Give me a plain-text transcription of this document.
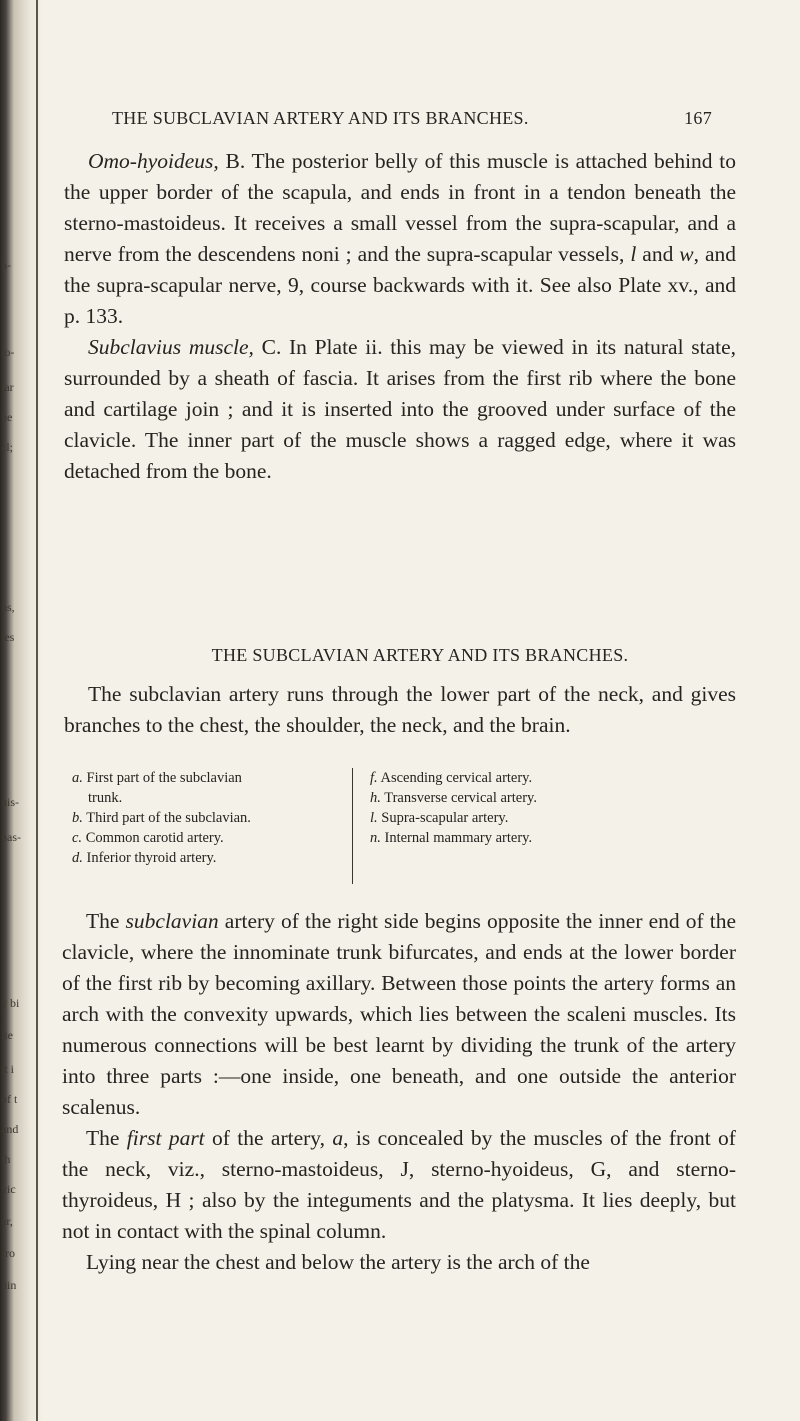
n-
io-
lar
he
cl;
ns,
les
nis-
nas-
y bi
lie
it i
of t
and
th
vic
ar,
fro
nin
THE SUBCLAVIAN ARTERY AND ITS BRANCHES.	167

Omo-hyoideus, B. The posterior belly of this muscle is attached behind to the upper border of the scapula, and ends in front in a tendon beneath the sterno-mastoideus. It receives a small vessel from the supra-scapular, and a nerve from the descendens noni ; and the supra-scapular vessels, l and w, and the supra-scapular nerve, 9, course backwards with it. See also Plate xv., and p. 133.

Subclavius muscle, C. In Plate ii. this may be viewed in its natural state, surrounded by a sheath of fascia. It arises from the first rib where the bone and cartilage join ; and it is inserted into the grooved under surface of the clavicle. The inner part of the muscle shows a ragged edge, where it was detached from the bone.

THE SUBCLAVIAN ARTERY AND ITS BRANCHES.

The subclavian artery runs through the lower part of the neck, and gives branches to the chest, the shoulder, the neck, and the brain.

a. First part of the subclavian
trunk.
b. Third part of the subclavian.
c. Common carotid artery.
d. Inferior thyroid artery.
f. Ascending cervical artery.
h. Transverse cervical artery.
l. Supra-scapular artery.
n. Internal mammary artery.

The subclavian artery of the right side begins opposite the inner end of the clavicle, where the innominate trunk bifurcates, and ends at the lower border of the first rib by becoming axillary. Between those points the artery forms an arch with the convexity upwards, which lies between the scaleni muscles. Its numerous connections will be best learnt by dividing the trunk of the artery into three parts :—one inside, one beneath, and one outside the anterior scalenus.

The first part of the artery, a, is concealed by the muscles of the front of the neck, viz., sterno-mastoideus, J, sterno-hyoideus, G, and sterno-thyroideus, H ; also by the integuments and the platysma. It lies deeply, but not in contact with the spinal column.

Lying near the chest and below the artery is the arch of the
